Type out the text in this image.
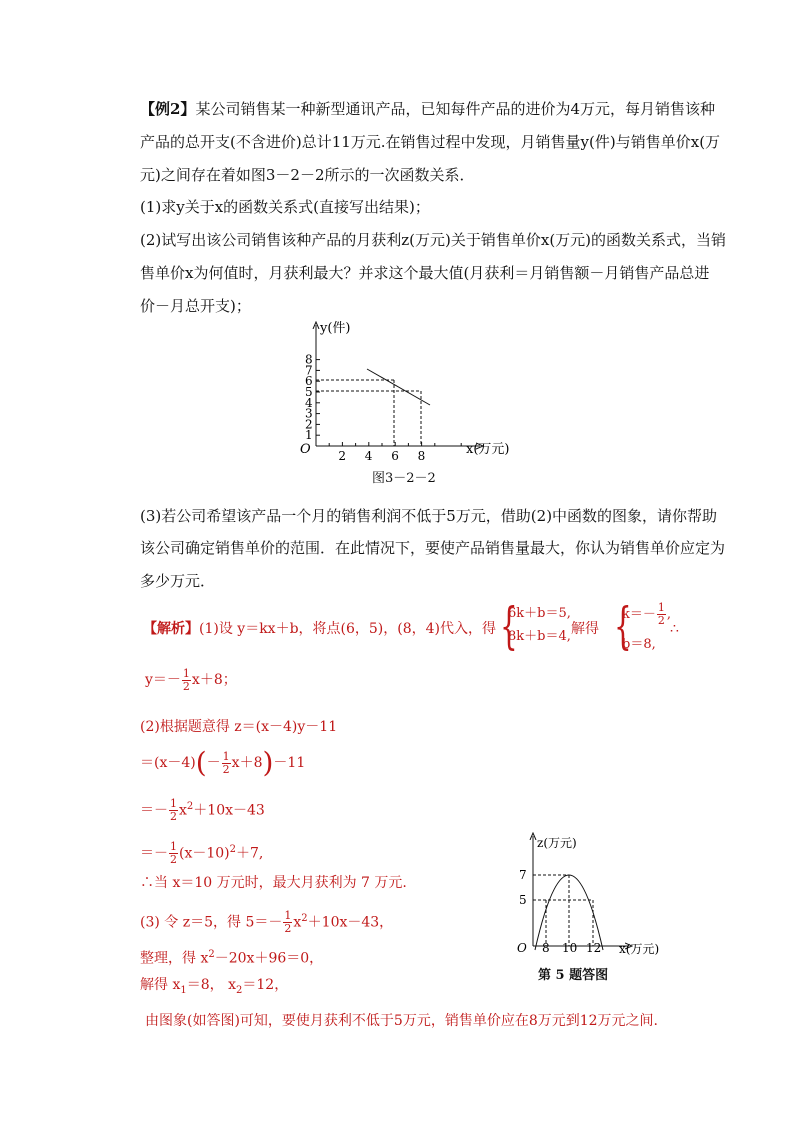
【例2】某公司销售某一种新型通讯产品，已知每件产品的进价为4万元，每月销售该种
产品的总开支(不含进价)总计11万元.在销售过程中发现，月销售量y(件)与销售单价x(万
元)之间存在着如图3－2－2所示的一次函数关系．
(1)求y关于x的函数关系式(直接写出结果)；
(2)试写出该公司销售该种产品的月获利z(万元)关于销售单价x(万元)的函数关系式，当销
售单价x为何值时，月获利最大？并求这个最大值(月获利＝月销售额－月销售产品总进
价－月总开支)；
1
2
3
4
5
6
7
8
2 4 6 8
y(件)
x(万元)
O
图3－2－2
(3)若公司希望该产品一个月的销售利润不低于5万元，借助(2)中函数的图象，请你帮助
该公司确定销售单价的范围．在此情况下，要使产品销售量最大，你认为销售单价应定为
多少万元．
【解析】(1)设 y＝kx＋b，将点(6，5)，(8，4)代入，得 {
6k＋b＝5,
8k＋b＝4, 解得 {
$k=- \frac{1}{2}$ ,
b＝8,
∴
$y=- \frac{1}{2} x+8$；
(2)根据题意得 z＝(x－4)y－11
$=(x-4)(- \frac{1}{2} x+8)-11$
＝－ $\frac{1}{2} x^2+10x-43$
＝－ $\frac{1}{2} (x-10)^2+7$,
∴当 x＝10 万元时，最大月获利为 7 万元.
(3) 令 z＝5，得 $5=- \frac{1}{2} x^2+10x-43$，
整理，得 $x^2-20x+96=0$，
解得 $x_1=8$， $x_2=12$，
由图象(如答图)可知，要使月获利不低于5万元，销售单价应在8万元到12万元之间.
z(万元)
x(万元)
O
7
5
8 10 12
第 5 题答图
